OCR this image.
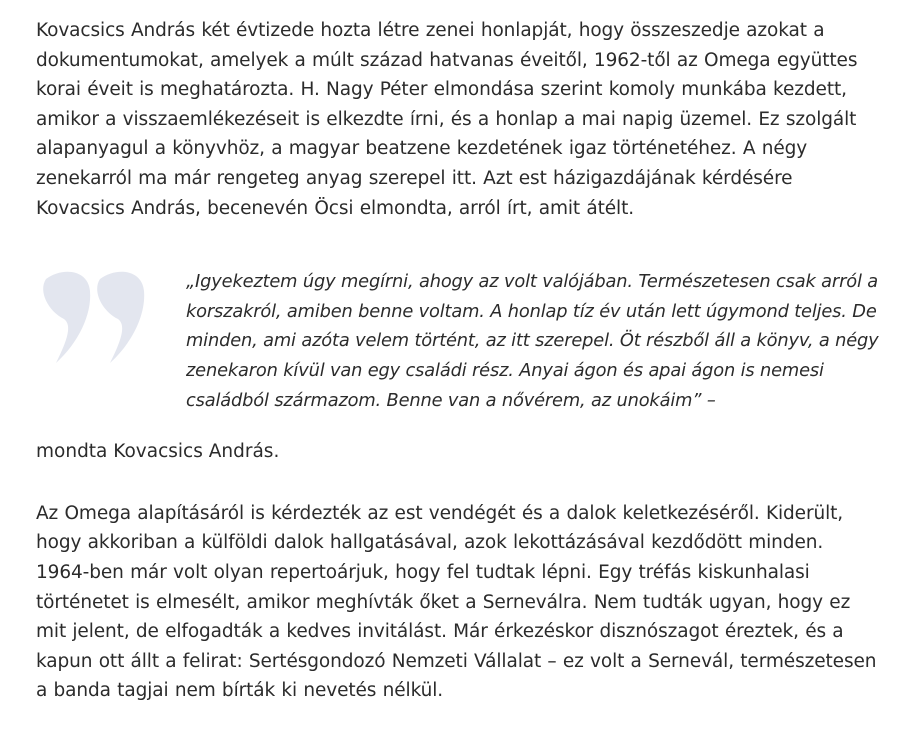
Kovacsics András két évtizede hozta létre zenei honlapját, hogy összeszedje azokat a dokumentumokat, amelyek a múlt század hatvanas éveitől, 1962-től az Omega együttes korai éveit is meghatározta. H. Nagy Péter elmondása szerint komoly munkába kezdett, amikor a visszaemlékezéseit is elkezdte írni, és a honlap a mai napig üzemel. Ez szolgált alapanyagul a könyvhöz, a magyar beatzene kezdetének igaz történetéhez. A négy zenekarról ma már rengeteg anyag szerepel itt. Azt est házigazdájának kérdésére Kovacsics András, becenevén Öcsi elmondta, arról írt, amit átélt.

„Igyekeztem úgy megírni, ahogy az volt valójában. Természetesen csak arról a korszakról, amiben benne voltam. A honlap tíz év után lett úgymond teljes. De minden, ami azóta velem történt, az itt szerepel. Öt részből áll a könyv, a négy zenekaron kívül van egy családi rész. Anyai ágon és apai ágon is nemesi családból származom. Benne van a nővérem, az unokáim” –

mondta Kovacsics András.

Az Omega alapításáról is kérdezték az est vendégét és a dalok keletkezéséről. Kiderült, hogy akkoriban a külföldi dalok hallgatásával, azok lekottázásával kezdődött minden. 1964-ben már volt olyan repertoárjuk, hogy fel tudtak lépni. Egy tréfás kiskunhalasi történetet is elmesélt, amikor meghívták őket a Serneválra. Nem tudták ugyan, hogy ez mit jelent, de elfogadták a kedves invitálást. Már érkezéskor disznószagot éreztek, és a kapun ott állt a felirat: Sertésgondozó Nemzeti Vállalat – ez volt a Sernevál, természetesen a banda tagjai nem bírták ki nevetés nélkül.
